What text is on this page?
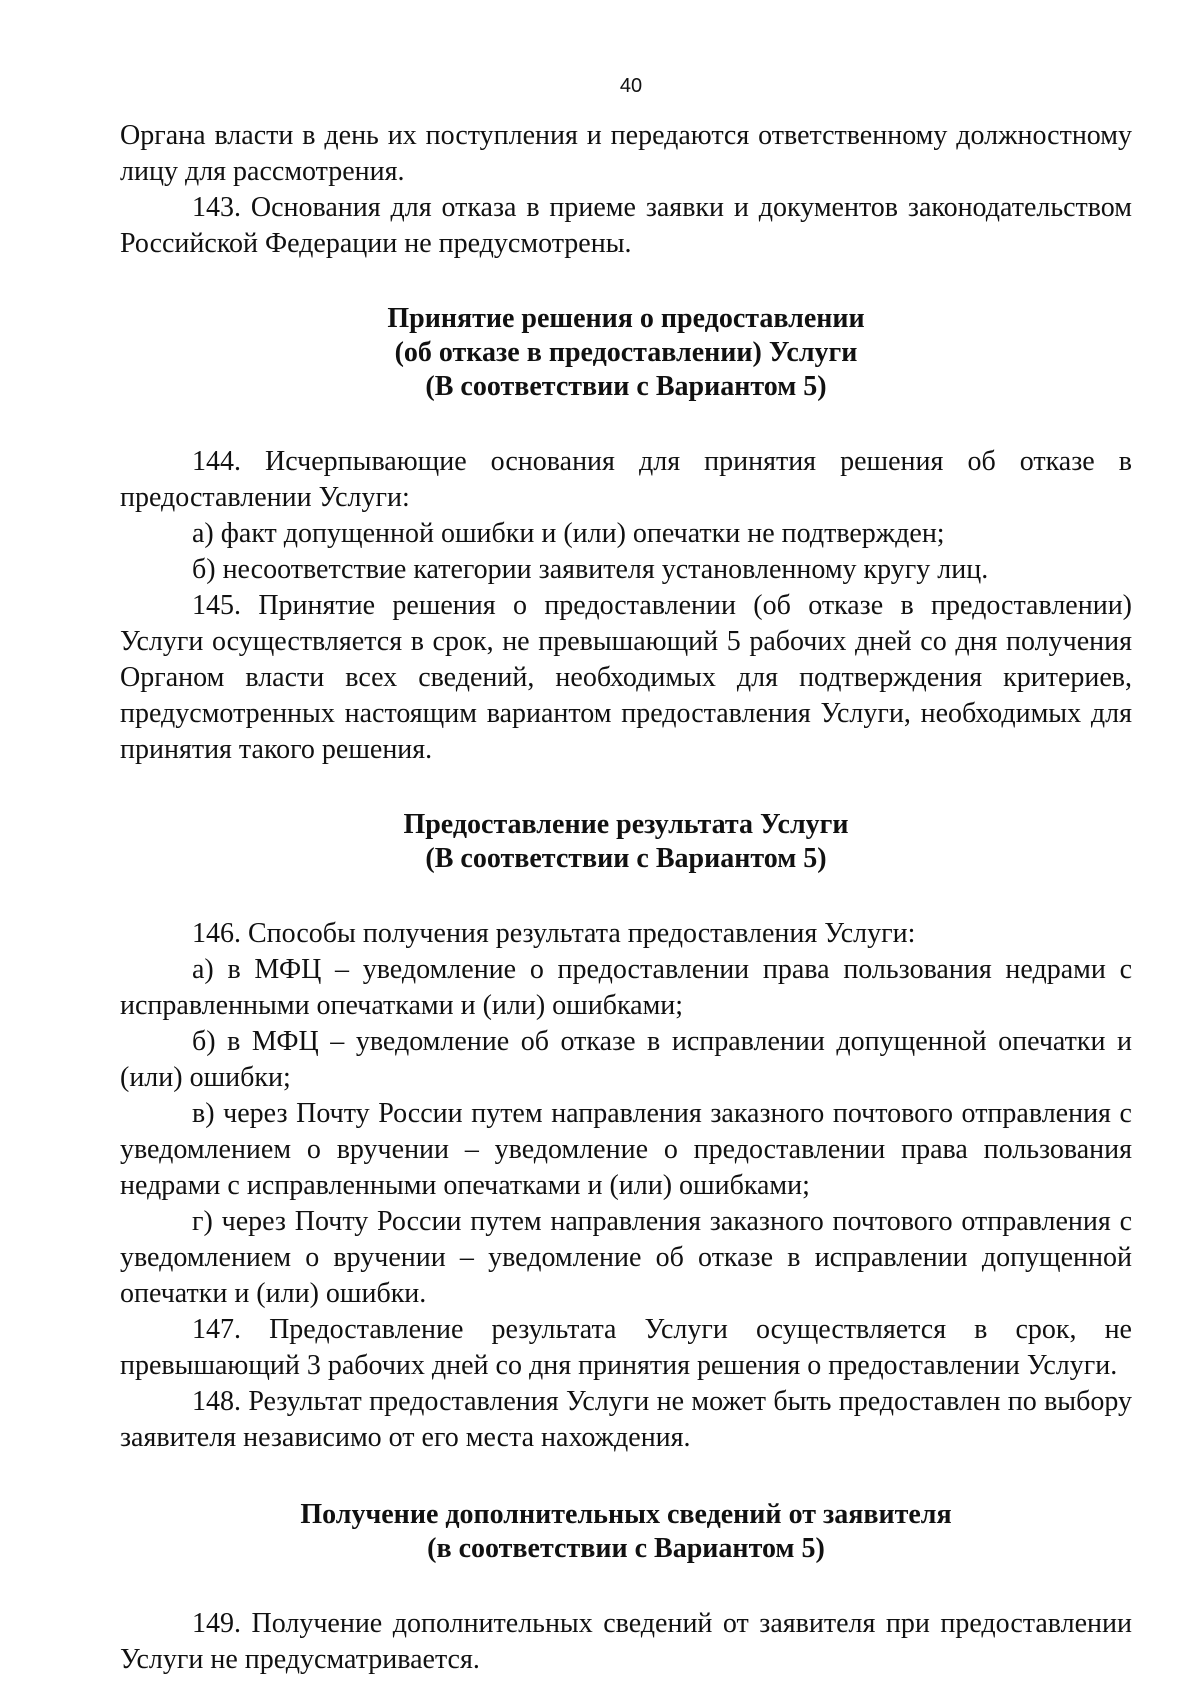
40

Органа власти в день их поступления и передаются ответственному должностному лицу для рассмотрения.

143. Основания для отказа в приеме заявки и документов законодательством Российской Федерации не предусмотрены.

Принятие решения о предоставлении

(об отказе в предоставлении) Услуги

(В соответствии с Вариантом 5)

144. Исчерпывающие основания для принятия решения об отказе в предоставлении Услуги:

а) факт допущенной ошибки и (или) опечатки не подтвержден;

б) несоответствие категории заявителя установленному кругу лиц.

145. Принятие решения о предоставлении (об отказе в предоставлении) Услуги осуществляется в срок, не превышающий 5 рабочих дней со дня получения Органом власти всех сведений, необходимых для подтверждения критериев, предусмотренных настоящим вариантом предоставления Услуги, необходимых для принятия такого решения.

Предоставление результата Услуги

(В соответствии с Вариантом 5)

146. Способы получения результата предоставления Услуги:

а) в МФЦ – уведомление о предоставлении права пользования недрами с исправленными опечатками и (или) ошибками;

б) в МФЦ – уведомление об отказе в исправлении допущенной опечатки и (или) ошибки;

в) через Почту России путем направления заказного почтового отправления с уведомлением о вручении – уведомление о предоставлении права пользования недрами с исправленными опечатками и (или) ошибками;

г) через Почту России путем направления заказного почтового отправления с уведомлением о вручении – уведомление об отказе в исправлении допущенной опечатки и (или) ошибки.

147. Предоставление результата Услуги осуществляется в срок, не превышающий 3 рабочих дней со дня принятия решения о предоставлении Услуги.

148. Результат предоставления Услуги не может быть предоставлен по выбору заявителя независимо от его места нахождения.

Получение дополнительных сведений от заявителя

(в соответствии с Вариантом 5)

149. Получение дополнительных сведений от заявителя при предоставлении Услуги не предусматривается.
